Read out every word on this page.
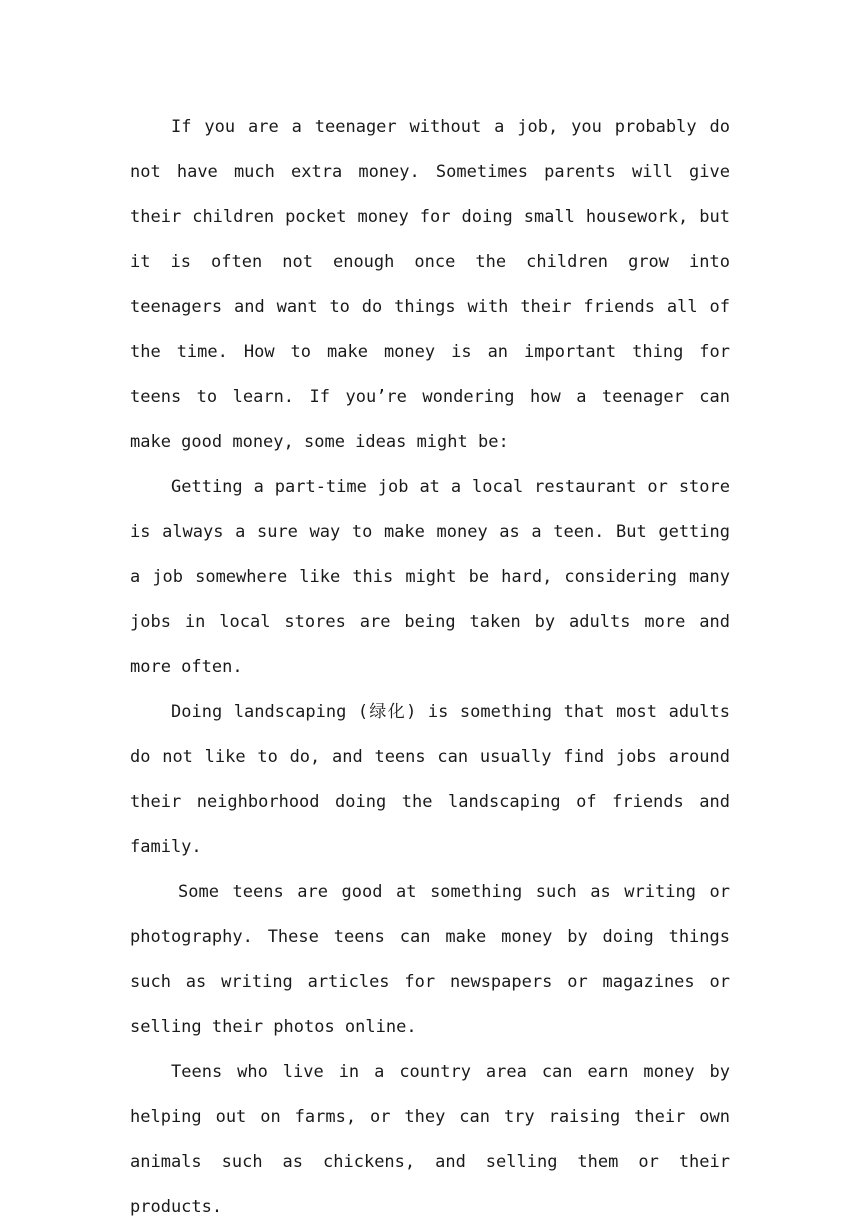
If you are a teenager without a job, you probably do not have much extra money. Sometimes parents will give their children pocket money for doing small housework, but it is often not enough once the children grow into teenagers and want to do things with their friends all of the time. How to make money is an important thing for teens to learn. If you’re wondering how a teenager can make good money, some ideas might be:

Getting a part-time job at a local restaurant or store is always a sure way to make money as a teen. But getting a job somewhere like this might be hard, considering many jobs in local stores are being taken by adults more and more often.

Doing landscaping (绿化) is something that most adults do not like to do, and teens can usually find jobs around their neighborhood doing the landscaping of friends and family.

Some teens are good at something such as writing or photography. These teens can make money by doing things such as writing articles for newspapers or magazines or selling their photos online.

Teens who live in a country area can earn money by helping out on farms, or they can try raising their own animals such as chickens, and selling them or their products.
